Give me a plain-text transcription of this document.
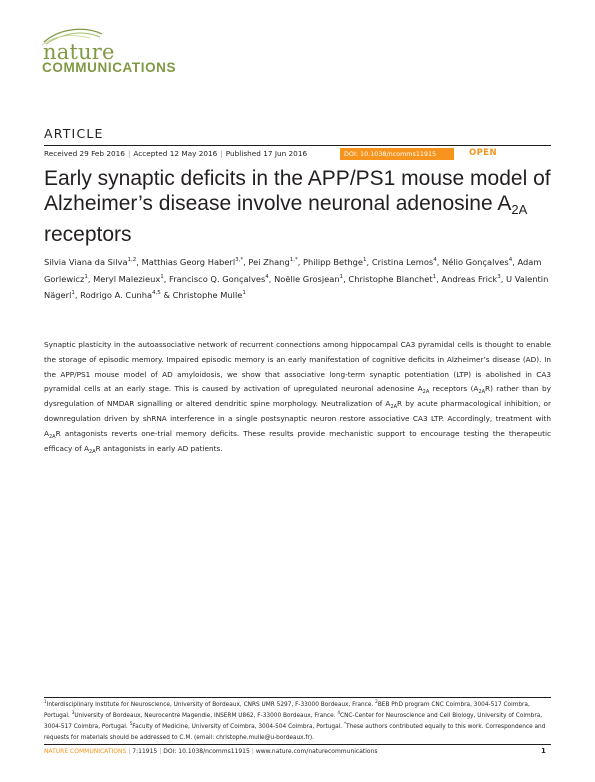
nature
COMMUNICATIONS
ARTICLE
Received 29 Feb 2016 | Accepted 12 May 2016 | Published 17 Jun 2016	DOI: 10.1038/ncomms11915	OPEN
Early synaptic deficits in the APP/PS1 mouse model of Alzheimer’s disease involve neuronal adenosine $A_{2A}$ receptors
Silvia Viana da Silva$^{1,2}$, Matthias Georg Haberl$^{3,*}$, Pei Zhang$^{1,*}$, Philipp Bethge$^1$, Cristina Lemos$^4$, Nélio Gonçalves$^4$, Adam Gorlewicz$^1$, Meryl Malezieux$^1$, Francisco Q. Gonçalves$^4$, Noëlle Grosjean$^1$, Christophe Blanchet$^1$, Andreas Frick$^3$, U Valentin Nägerl$^1$, Rodrigo A. Cunha$^{4,5}$ & Christophe Mulle$^1$
Synaptic plasticity in the autoassociative network of recurrent connections among hippocampal CA3 pyramidal cells is thought to enable the storage of episodic memory. Impaired episodic memory is an early manifestation of cognitive deficits in Alzheimer’s disease (AD). In the APP/PS1 mouse model of AD amyloidosis, we show that associative long-term synaptic potentiation (LTP) is abolished in CA3 pyramidal cells at an early stage. This is caused by activation of upregulated neuronal adenosine $A_{2A}$ receptors $(A_{2A}R)$ rather than by dysregulation of NMDAR signalling or altered dendritic spine morphology. Neutralization of $A_{2A}R$ by acute pharmacological inhibition, or downregulation driven by shRNA interference in a single postsynaptic neuron restore associative CA3 LTP. Accordingly, treatment with $A_{2A}R$ antagonists reverts one-trial memory deficits. These results provide mechanistic support to encourage testing the therapeutic efficacy of $A_{2A}R$ antagonists in early AD patients.
$^1$Interdisciplinary Institute for Neuroscience, University of Bordeaux, CNRS UMR 5297, F-33000 Bordeaux, France. $^2$BEB PhD program CNC Coimbra, 3004-517 Coimbra, Portugal. $^3$University of Bordeaux, Neurocentre Magendie, INSERM U862, F-33000 Bordeaux, France. $^4$CNC-Center for Neuroscience and Cell Biology, University of Coimbra, 3004-517 Coimbra, Portugal. $^5$Faculty of Medicine, University of Coimbra, 3004-504 Coimbra, Portugal. *These authors contributed equally to this work. Correspondence and requests for materials should be addressed to C.M. (email: christophe.mulle@u-bordeaux.fr).
NATURE COMMUNICATIONS | 7:11915 | DOI: 10.1038/ncomms11915 | www.nature.com/naturecommunications	1
